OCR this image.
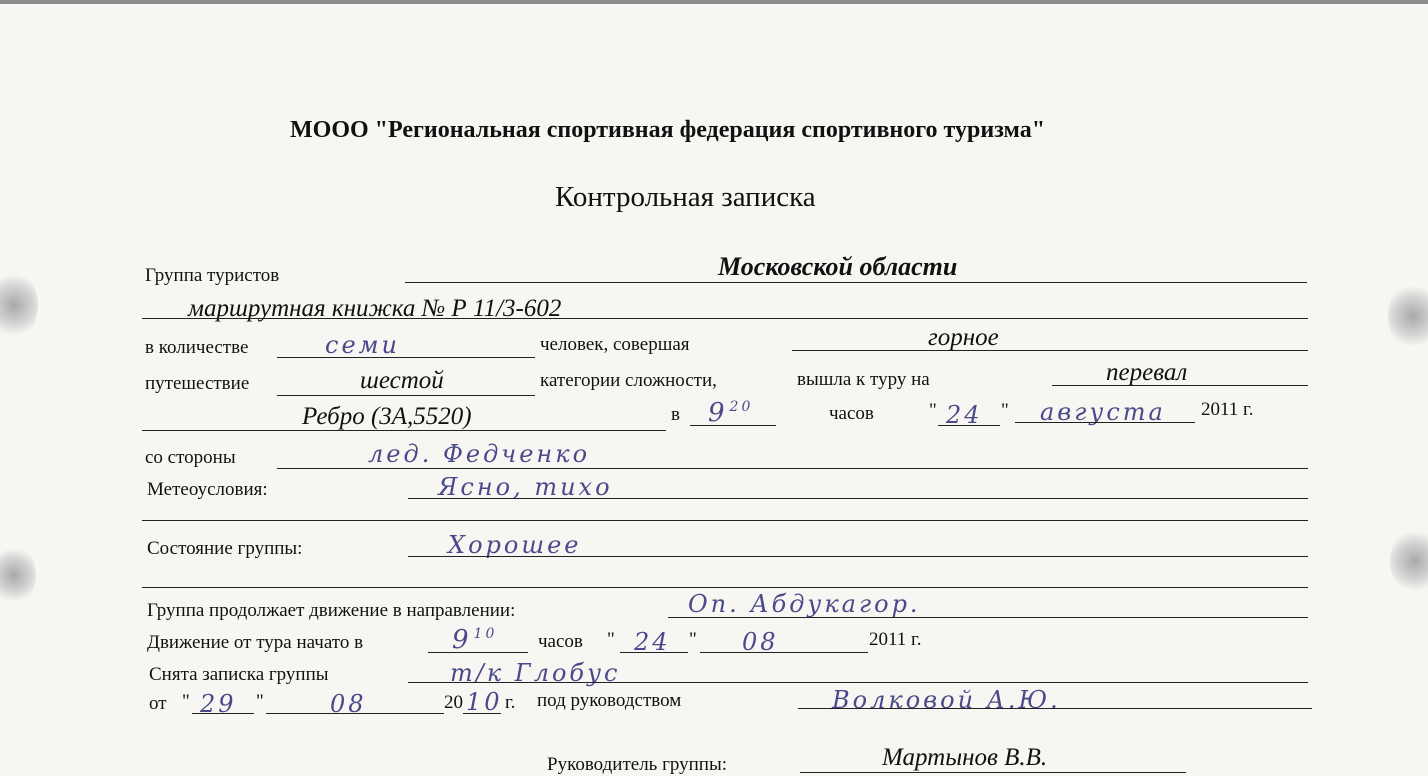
МООО "Региональная спортивная федерация спортивного туризма"
Контрольная записка
Группа туристов	Московской области
маршрутная книжка № Р 11/3-602
в количестве	семи	человек, совершая	горное
путешествие	шестой	категории сложности,	вышла к туру на	перевал
Ребро (3А,5520)	в 9 $^{20}$	часов	" 24 " августа 2011 г.
со стороны	лед. Федченко
Метеоусловия:	Ясно, тихо
Состояние группы:	Хорошее
Группа продолжает движение в направлении:	Оп. Абдукагор.
Движение от тура начато в	9 $^{10}$ часов " 24 " 08	2011 г.
Снята записка группы	т/к Глобус
от " 29 "	08	20 10 г. под руководством	Волковой А.Ю.
Руководитель группы:	Мартынов В.В.
